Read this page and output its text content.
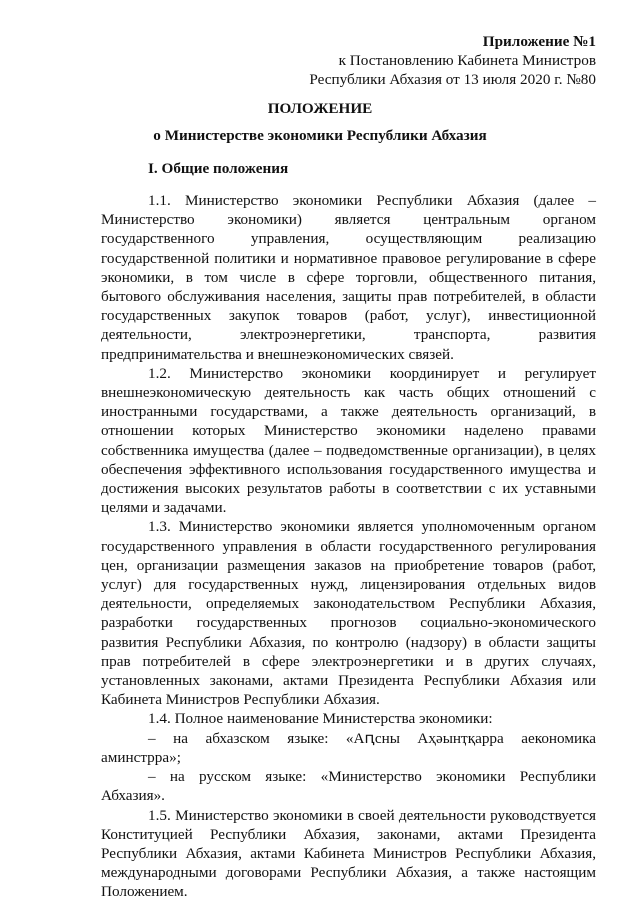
Приложение №1
к Постановлению Кабинета Министров
Республики Абхазия от 13 июля 2020 г. №80
ПОЛОЖЕНИЕ
о Министерстве экономики Республики Абхазия
I. Общие положения

1.1. Министерство экономики Республики Абхазия (далее – Министерство экономики) является центральным органом государственного управления, осуществляющим реализацию государственной политики и нормативное правовое регулирование в сфере экономики, в том числе в сфере торговли, общественного питания, бытового обслуживания населения, защиты прав потребителей, в области государственных закупок товаров (работ, услуг), инвестиционной деятельности, электроэнергетики, транспорта, развития предпринимательства и внешнеэкономических связей.

1.2. Министерство экономики координирует и регулирует внешнеэкономическую деятельность как часть общих отношений с иностранными государствами, а также деятельность организаций, в отношении которых Министерство экономики наделено правами собственника имущества (далее – подведомственные организации), в целях обеспечения эффективного использования государственного имущества и достижения высоких результатов работы в соответствии с их уставными целями и задачами.

1.3. Министерство экономики является уполномоченным органом государственного управления в области государственного регулирования цен, организации размещения заказов на приобретение товаров (работ, услуг) для государственных нужд, лицензирования отдельных видов деятельности, определяемых законодательством Республики Абхазия, разработки государственных прогнозов социально-экономического развития Республики Абхазия, по контролю (надзору) в области защиты прав потребителей в сфере электроэнергетики и в других случаях, установленных законами, актами Президента Республики Абхазия или Кабинета Министров Республики Абхазия.

1.4. Полное наименование Министерства экономики:

– на абхазском языке: «Аԥсны Аҳәынҭқарра аекономика аминстрра»;

– на русском языке: «Министерство экономики Республики Абхазия».

1.5. Министерство экономики в своей деятельности руководствуется Конституцией Республики Абхазия, законами, актами Президента Республики Абхазия, актами Кабинета Министров Республики Абхазия, международными договорами Республики Абхазия, а также настоящим Положением.
